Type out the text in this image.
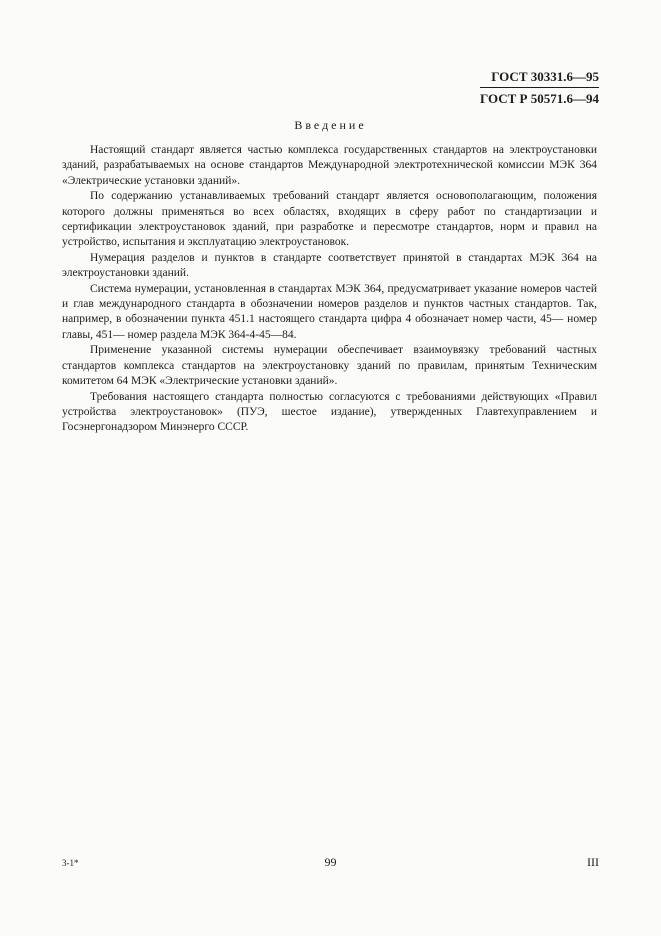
ГОСТ 30331.6—95
ГОСТ Р 50571.6—94
Введение

Настоящий стандарт является частью комплекса государственных стандартов на электроустановки зданий, разрабатываемых на основе стандартов Международной электротехнической комиссии МЭК 364 «Электрические установки зданий».

По содержанию устанавливаемых требований стандарт является основополагающим, положения которого должны применяться во всех областях, входящих в сферу работ по стандартизации и сертификации электроустановок зданий, при разработке и пересмотре стандартов, норм и правил на устройство, испытания и эксплуатацию электроустановок.

Нумерация разделов и пунктов в стандарте соответствует принятой в стандартах МЭК 364 на электроустановки зданий.

Система нумерации, установленная в стандартах МЭК 364, предусматривает указание номеров частей и глав международного стандарта в обозначении номеров разделов и пунктов частных стандартов. Так, например, в обозначении пункта 451.1 настоящего стандарта цифра 4 обозначает номер части, 45— номер главы, 451— номер раздела МЭК 364-4-45—84.

Применение указанной системы нумерации обеспечивает взаимоувязку требований частных стандартов комплекса стандартов на электроустановку зданий по правилам, принятым Техническим комитетом 64 МЭК «Электрические установки зданий».

Требования настоящего стандарта полностью согласуются с требованиями действующих «Правил устройства электроустановок» (ПУЭ, шестое издание), утвержденных Главтехуправлением и Госэнергонадзором Минэнерго СССР.

3-1*	99	III
